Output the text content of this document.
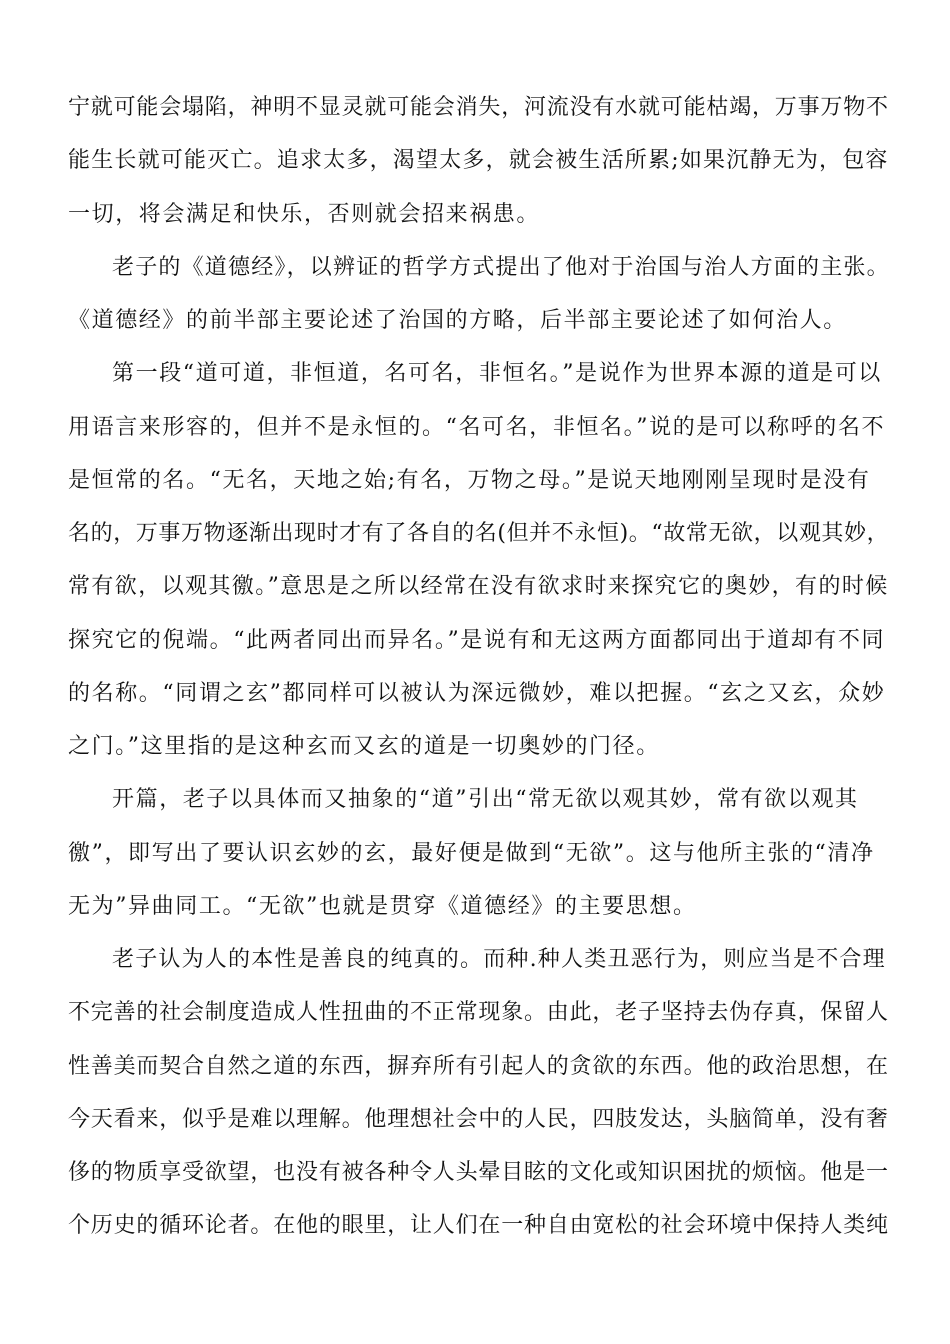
宁就可能会塌陷，神明不显灵就可能会消失，河流没有水就可能枯竭，万事万物不

能生长就可能灭亡。追求太多，渴望太多，就会被生活所累;如果沉静无为，包容

一切，将会满足和快乐，否则就会招来祸患。

老子的《道德经》，以辨证的哲学方式提出了他对于治国与治人方面的主张。

《道德经》的前半部主要论述了治国的方略，后半部主要论述了如何治人。

第一段“道可道，非恒道，名可名，非恒名。”是说作为世界本源的道是可以

用语言来形容的，但并不是永恒的。“名可名，非恒名。”说的是可以称呼的名不

是恒常的名。“无名，天地之始;有名，万物之母。”是说天地刚刚呈现时是没有

名的，万事万物逐渐出现时才有了各自的名(但并不永恒)。“故常无欲，以观其妙，

常有欲，以观其徼。”意思是之所以经常在没有欲求时来探究它的奥妙，有的时候

探究它的倪端。“此两者同出而异名。”是说有和无这两方面都同出于道却有不同

的名称。“同谓之玄”都同样可以被认为深远微妙，难以把握。“玄之又玄，众妙

之门。”这里指的是这种玄而又玄的道是一切奥妙的门径。

开篇，老子以具体而又抽象的“道”引出“常无欲以观其妙，常有欲以观其

徼”，即写出了要认识玄妙的玄，最好便是做到“无欲”。这与他所主张的“清净

无为”异曲同工。“无欲”也就是贯穿《道德经》的主要思想。

老子认为人的本性是善良的纯真的。而种.种人类丑恶行为，则应当是不合理

不完善的社会制度造成人性扭曲的不正常现象。由此，老子坚持去伪存真，保留人

性善美而契合自然之道的东西，摒弃所有引起人的贪欲的东西。他的政治思想，在

今天看来，似乎是难以理解。他理想社会中的人民，四肢发达，头脑简单，没有奢

侈的物质享受欲望，也没有被各种令人头晕目眩的文化或知识困扰的烦恼。他是一

个历史的循环论者。在他的眼里，让人们在一种自由宽松的社会环境中保持人类纯
